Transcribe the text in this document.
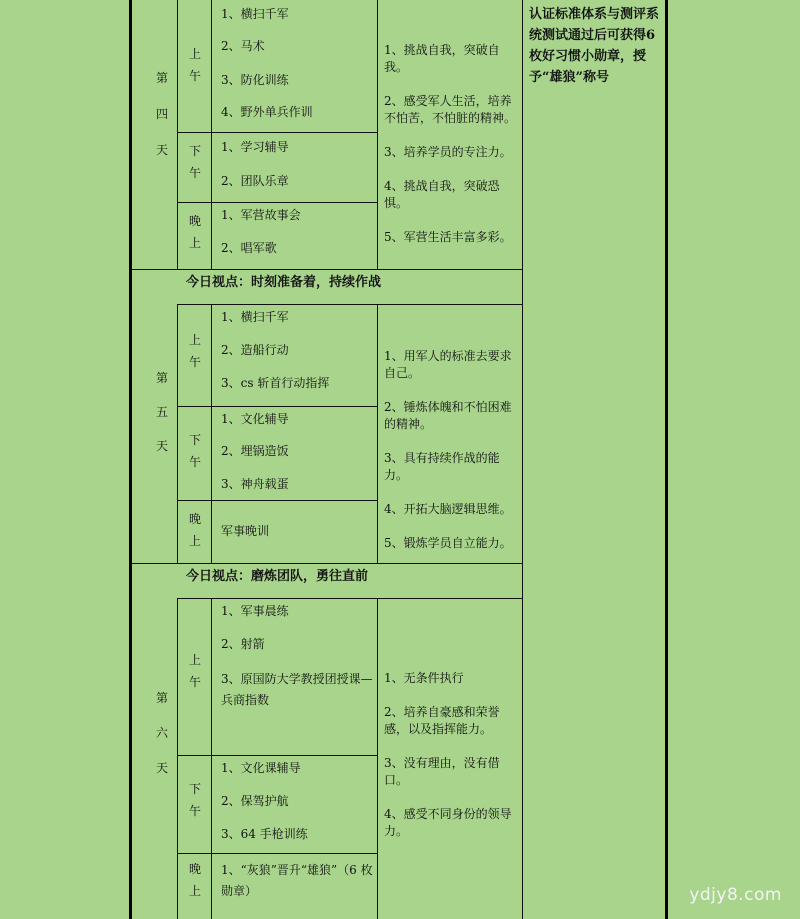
认证标准体系与测评系统测试通过后可获得6枚好习惯小勋章，授予“雄狼”称号
第
四
天
上
午
1、横扫千军
2、马术
3、防化训练
4、野外单兵作训
下
午
1、学习辅导
2、团队乐章
晚
上
1、军营故事会
2、唱军歌

1、挑战自我，突破自我。

2、感受军人生活，培养不怕苦，不怕脏的精神。

3、培养学员的专注力。

4、挑战自我，突破恐惧。

5、军营生活丰富多彩。

今日视点：时刻准备着，持续作战
第
五
天
上
午
1、横扫千军
2、造船行动
3、cs 斩首行动指挥
下
午
1、文化辅导
2、埋锅造饭
3、神舟载蛋
晚
上
军事晚训

1、用军人的标准去要求自己。

2、锤炼体魄和不怕困难的精神。

3、具有持续作战的能力。

4、开拓大脑逻辑思维。

5、锻炼学员自立能力。

今日视点：磨炼团队，勇往直前
第
六
天
上
午
1、军事晨练
2、射箭
3、原国防大学教授团授课—兵商指数
下
午
1、文化课辅导
2、保驾护航
3、64 手枪训练
晚
上
1、“灰狼”晋升“雄狼”（6 枚勋章）

1、无条件执行

2、培养自豪感和荣誉感，以及指挥能力。

3、没有理由，没有借口。

4、感受不同身份的领导力。

ydjy8.com
